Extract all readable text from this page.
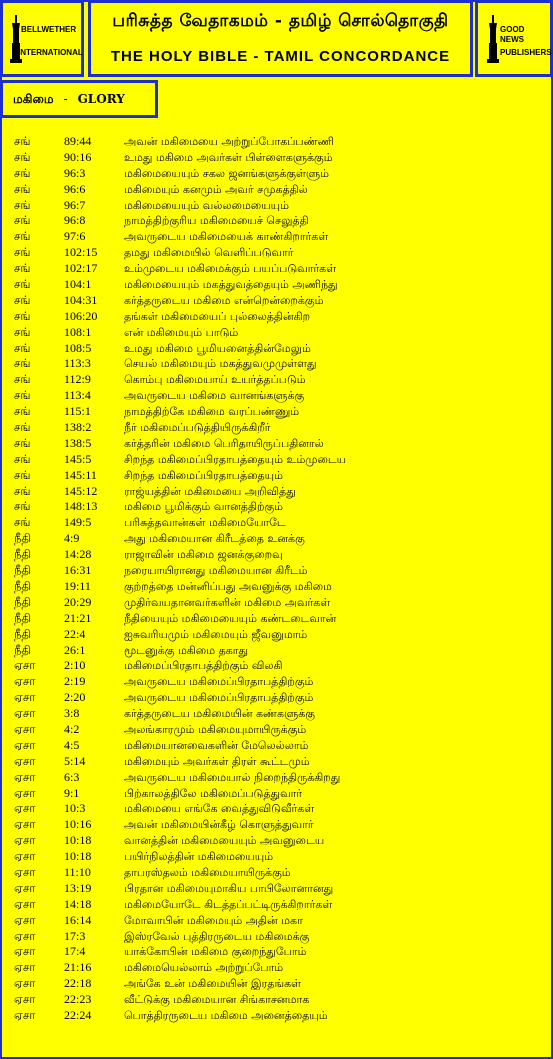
BELLWETHER
INTERNATIONAL
பரிசுத்த வேதாகமம் - தமிழ் சொல்தொகுதி
THE HOLY BIBLE - TAMIL CONCORDANCE
GOOD NEWS
PUBLISHERS
மகிமை - GLORY
சங்	89:44	அவன் மகிமையை அற்றுப்போகப்பண்ணி
சங்	90:16	உமது மகிமை அவர்கள் பிள்ளைகளுக்கும்
சங்	96:3	மகிமையையும் சகல ஜனங்களுக்குள்ளும்
சங்	96:6	மகிமையும் கனமும் அவர் சமுகத்தில்
சங்	96:7	மகிமையையும் வல்லமையையும்
சங்	96:8	நாமத்திற்குரிய மகிமையைச் செலுத்தி
சங்	97:6	அவருடைய மகிமையைக் காண்கிறார்கள்
சங்	102:15 தமது மகிமையில் வெளிப்படுவார்
சங்	102:17 உம்முடைய மகிமைக்கும் பயப்படுவார்கள்
சங்	104:1	மகிமையையும் மகத்துவத்தையும் அணிந்து
சங்	104:31 கர்த்தருடைய மகிமை என்றென்றைக்கும்
சங்	106:20 தங்கள் மகிமையைப் புல்லைத்தின்கிற
சங்	108:1	என் மகிமையும் பாடும்
சங்	108:5	உமது மகிமை பூமியனைத்தின்மேலும்
சங்	113:3	செயல் மகிமையும் மகத்துவமுமுள்ளது
சங்	112:9	கொம்பு மகிமையாய் உயர்த்தப்படும்
சங்	113:4	அவருடைய மகிமை வானங்களுக்கு
சங்	115:1	நாமத்திற்கே மகிமை வரப்பண்ணும்
சங்	138:2	நீர் மகிமைப்படுத்தியிருக்கிறீர்
சங்	138:5	கர்த்தரின் மகிமை பெரிதாயிருப்பதினால்
சங்	145:5	சிறந்த மகிமைப்பிரதாபத்தையும் உம்முடைய
சங்	145:11 சிறந்த மகிமைப்பிரதாபத்தையும்
சங்	145:12 ராஜ்யத்தின் மகிமையை அறிவித்து
சங்	148:13 மகிமை பூமிக்கும் வானத்திற்கும்
சங்	149:5	பரிசுத்தவான்கள் மகிமையோடே
நீதி	4:9	அது மகிமையான கிரீடத்தை உனக்கு
நீதி	14:28	ராஜாவின் மகிமை ஜனக்குறைவு
நீதி	16:31	நரையாயிரானது மகிமையான கிரீடம்
நீதி	19:11	குற்றத்தை மன்னிப்பது அவனுக்கு மகிமை
நீதி	20:29	முதிர்வயதானவர்களின் மகிமை அவர்கள்
நீதி	21:21	நீதியையும் மகிமையையும் கண்டடைவான்
நீதி	22:4	ஐசுவரியமும் மகிமையும் ஜீவனுமாம்
நீதி	26:1	மூடனுக்கு மகிமை தகாது
ஏசா 2:10	மகிமைப்பிரதாபத்திற்கும் விலகி
ஏசா 2:19	அவருடைய மகிமைப்பிரதாபத்திற்கும்
ஏசா 2:20	அவருடைய மகிமைப்பிரதாபத்திற்கும்
ஏசா 3:8	கர்த்தருடைய மகிமையின் கண்களுக்கு
ஏசா 4:2	அலங்காரமும் மகிமையுமாயிருக்கும்
ஏசா 4:5	மகிமையானவைகளின் மேலெல்லாம்
ஏசா 5:14	மகிமையும் அவர்கள் திரள் கூட்டமும்
ஏசா 6:3	அவருடைய மகிமையால் நிறைந்திருக்கிறது
ஏசா 9:1	பிற்காலத்திலே மகிமைப்படுத்துவார்
ஏசா 10:3	மகிமையை எங்கே வைத்துவிடுவீர்கள்
ஏசா 10:16	அவன் மகிமையின்கீழ் கொளுத்துவார்
ஏசா 10:18	வானத்தின் மகிமையையும் அவனுடைய
ஏசா 10:18	பயிர்நிலத்தின் மகிமையையும்
ஏசா 11:10	தாபரஸ்தலம் மகிமையாயிருக்கும்
ஏசா 13:19	பிரதான மகிமையுமாகிய பாபிலோனானது
ஏசா 14:18	மகிமையோடே கிடத்தப்பட்டிருக்கிறார்கள்
ஏசா 16:14	மோவாபின் மகிமையும் அதின் மகா
ஏசா 17:3	இஸ்ரவேல் புத்திரருடைய மகிமைக்கு
ஏசா 17:4	யாக்கோபின் மகிமை குறைந்துபோம்
ஏசா 21:16	மகிமையெல்லாம் அற்றுப்போம்
ஏசா 22:18	அங்கே உன் மகிமையின் இரதங்கள்
ஏசா 22:23	வீட்டுக்கு மகிமையான சிங்காசனமாக
ஏசா 22:24	பொத்திரருடைய மகிமை அனைத்தையும்
